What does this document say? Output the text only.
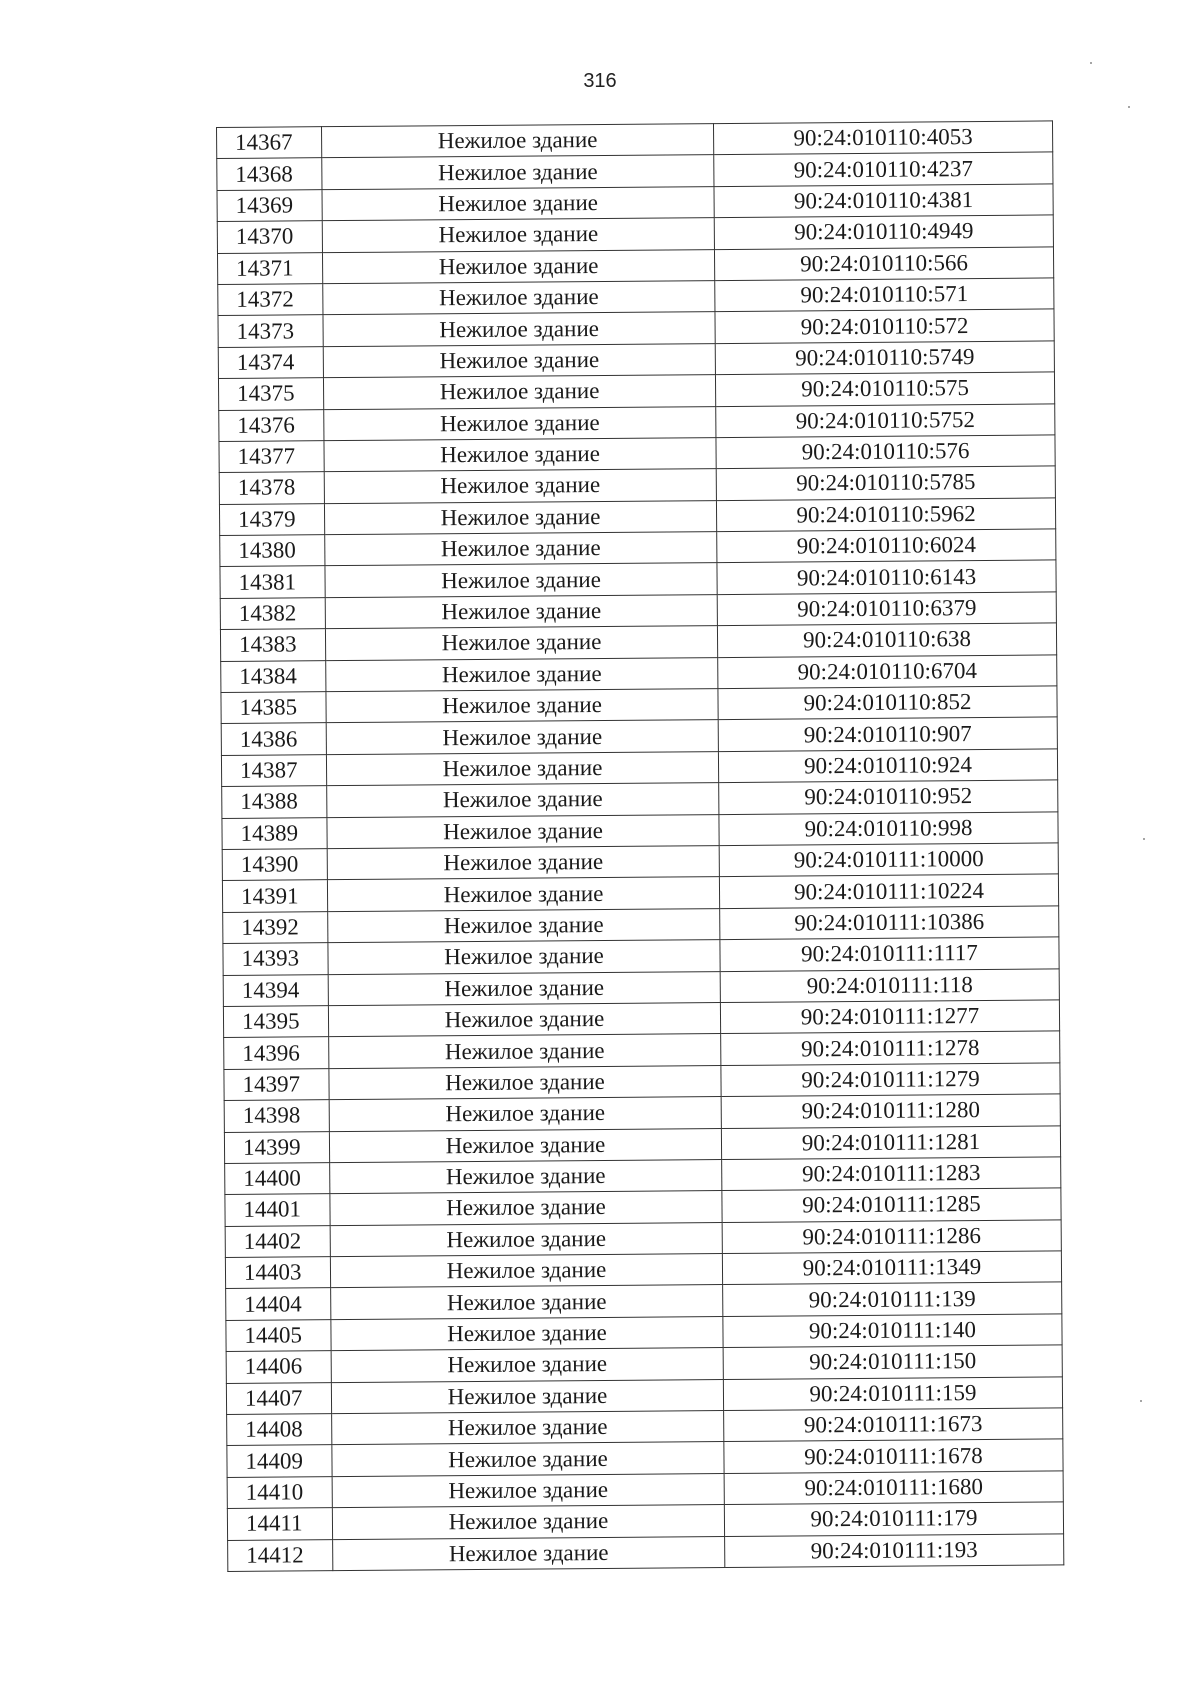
316
14367	Нежилое здание	90:24:010110:4053
14368	Нежилое здание	90:24:010110:4237
14369	Нежилое здание	90:24:010110:4381
14370	Нежилое здание	90:24:010110:4949
14371	Нежилое здание	90:24:010110:566
14372	Нежилое здание	90:24:010110:571
14373	Нежилое здание	90:24:010110:572
14374	Нежилое здание	90:24:010110:5749
14375	Нежилое здание	90:24:010110:575
14376	Нежилое здание	90:24:010110:5752
14377	Нежилое здание	90:24:010110:576
14378	Нежилое здание	90:24:010110:5785
14379	Нежилое здание	90:24:010110:5962
14380	Нежилое здание	90:24:010110:6024
14381	Нежилое здание	90:24:010110:6143
14382	Нежилое здание	90:24:010110:6379
14383	Нежилое здание	90:24:010110:638
14384	Нежилое здание	90:24:010110:6704
14385	Нежилое здание	90:24:010110:852
14386	Нежилое здание	90:24:010110:907
14387	Нежилое здание	90:24:010110:924
14388	Нежилое здание	90:24:010110:952
14389	Нежилое здание	90:24:010110:998
14390	Нежилое здание	90:24:010111:10000
14391	Нежилое здание	90:24:010111:10224
14392	Нежилое здание	90:24:010111:10386
14393	Нежилое здание	90:24:010111:1117
14394	Нежилое здание	90:24:010111:118
14395	Нежилое здание	90:24:010111:1277
14396	Нежилое здание	90:24:010111:1278
14397	Нежилое здание	90:24:010111:1279
14398	Нежилое здание	90:24:010111:1280
14399	Нежилое здание	90:24:010111:1281
14400	Нежилое здание	90:24:010111:1283
14401	Нежилое здание	90:24:010111:1285
14402	Нежилое здание	90:24:010111:1286
14403	Нежилое здание	90:24:010111:1349
14404	Нежилое здание	90:24:010111:139
14405	Нежилое здание	90:24:010111:140
14406	Нежилое здание	90:24:010111:150
14407	Нежилое здание	90:24:010111:159
14408	Нежилое здание	90:24:010111:1673
14409	Нежилое здание	90:24:010111:1678
14410	Нежилое здание	90:24:010111:1680
14411	Нежилое здание	90:24:010111:179
14412	Нежилое здание	90:24:010111:193
